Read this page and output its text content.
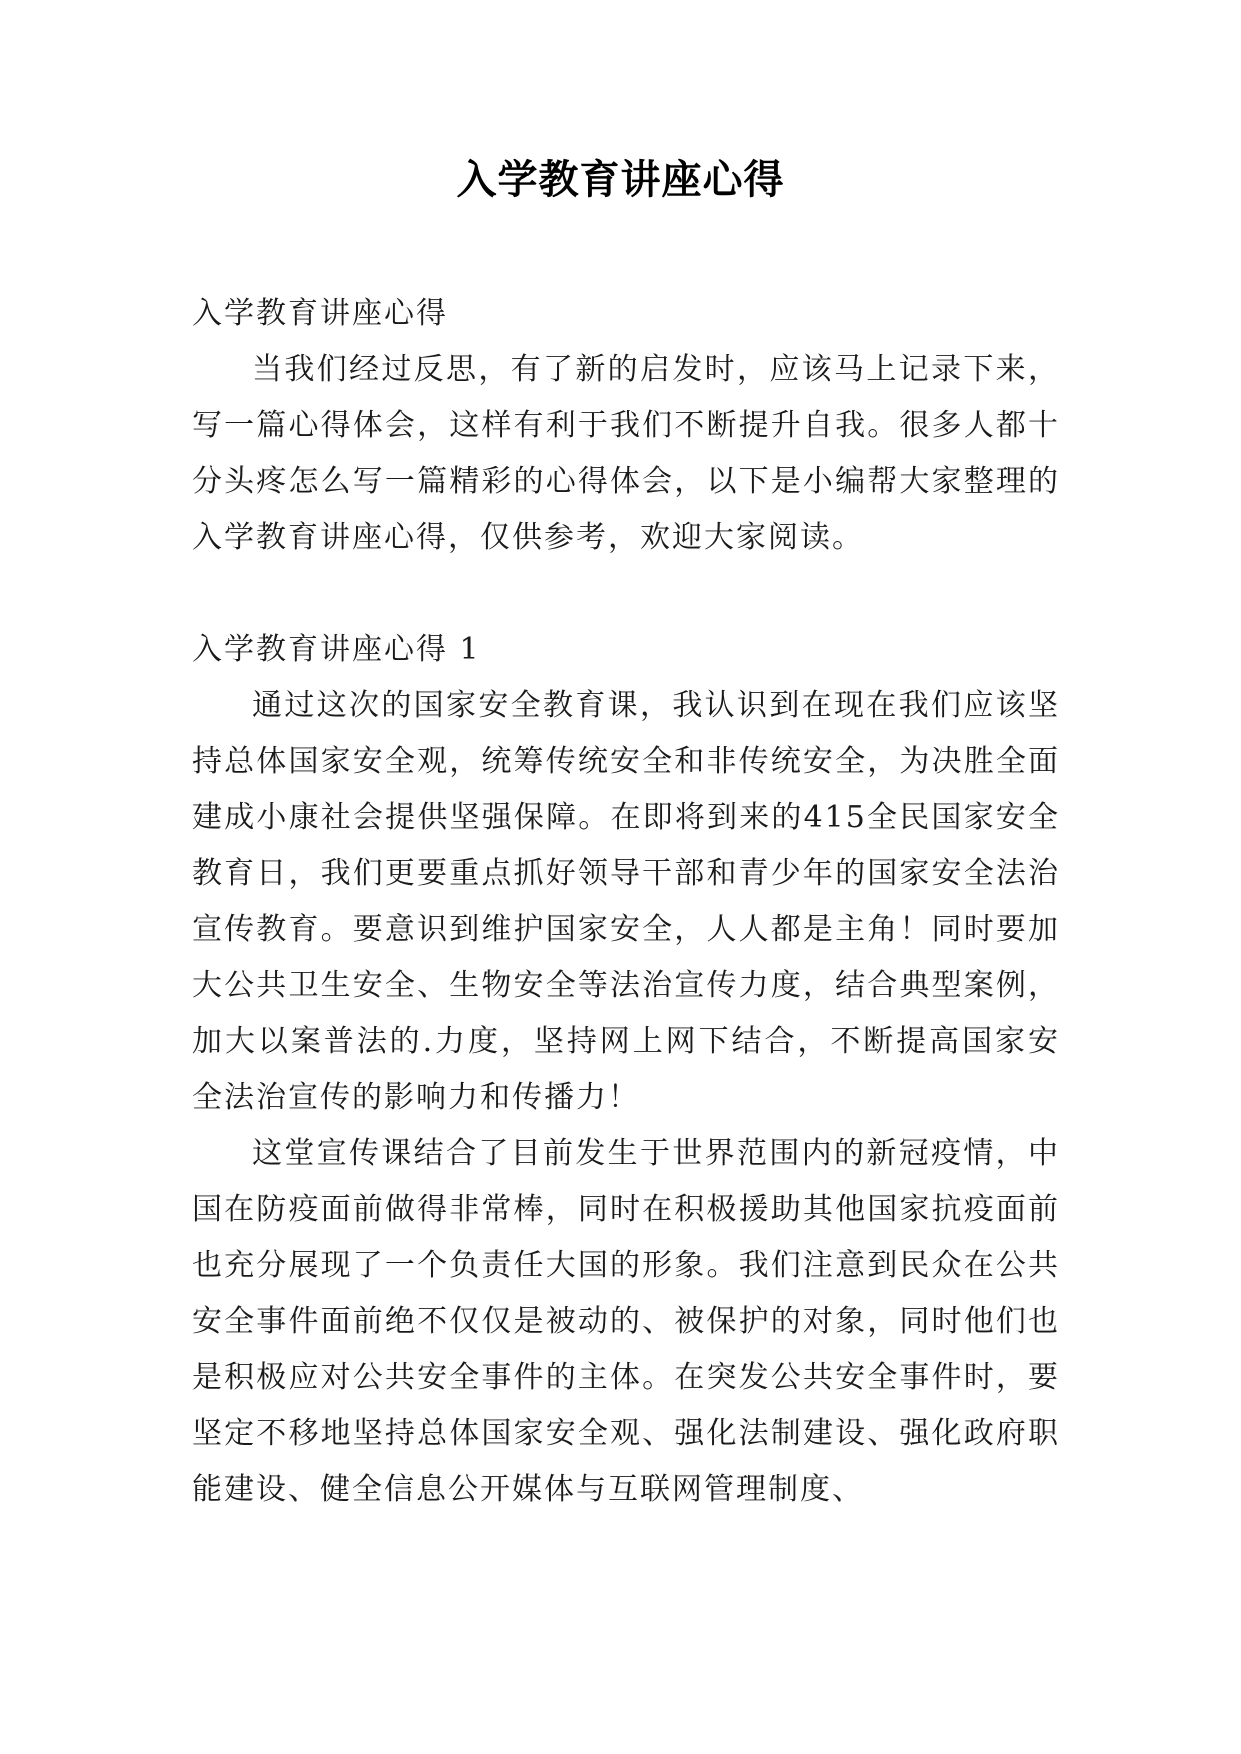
入学教育讲座心得

入学教育讲座心得

当我们经过反思，有了新的启发时，应该马上记录下来，写一篇心得体会，这样有利于我们不断提升自我。很多人都十分头疼怎么写一篇精彩的心得体会，以下是小编帮大家整理的入学教育讲座心得，仅供参考，欢迎大家阅读。

入学教育讲座心得 1

通过这次的国家安全教育课，我认识到在现在我们应该坚持总体国家安全观，统筹传统安全和非传统安全，为决胜全面建成小康社会提供坚强保障。在即将到来的415全民国家安全教育日，我们更要重点抓好领导干部和青少年的国家安全法治宣传教育。要意识到维护国家安全，人人都是主角！同时要加大公共卫生安全、生物安全等法治宣传力度，结合典型案例，加大以案普法的.力度，坚持网上网下结合，不断提高国家安全法治宣传的影响力和传播力！

这堂宣传课结合了目前发生于世界范围内的新冠疫情，中国在防疫面前做得非常棒，同时在积极援助其他国家抗疫面前也充分展现了一个负责任大国的形象。我们注意到民众在公共安全事件面前绝不仅仅是被动的、被保护的对象，同时他们也是积极应对公共安全事件的主体。在突发公共安全事件时，要坚定不移地坚持总体国家安全观、强化法制建设、强化政府职能建设、健全信息公开媒体与互联网管理制度、
